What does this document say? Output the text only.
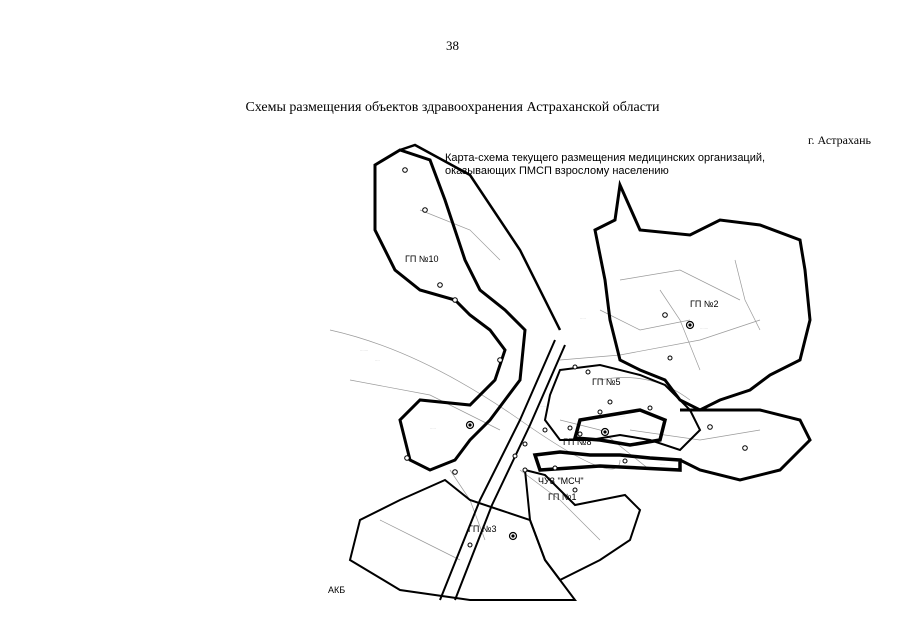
38
Схемы размещения объектов здравоохранения Астраханской области
г. Астрахань
Карта-схема текущего размещения медицинских организаций,
оказывающих ПМСП взрослому населению
·······
····
·····
·······
·····
····
····
·····
ГП №10
ГП №2
ГП №5
ГП №8
ЧУЗ "МСЧ"
ГП №1
ГП №3
АКБ
